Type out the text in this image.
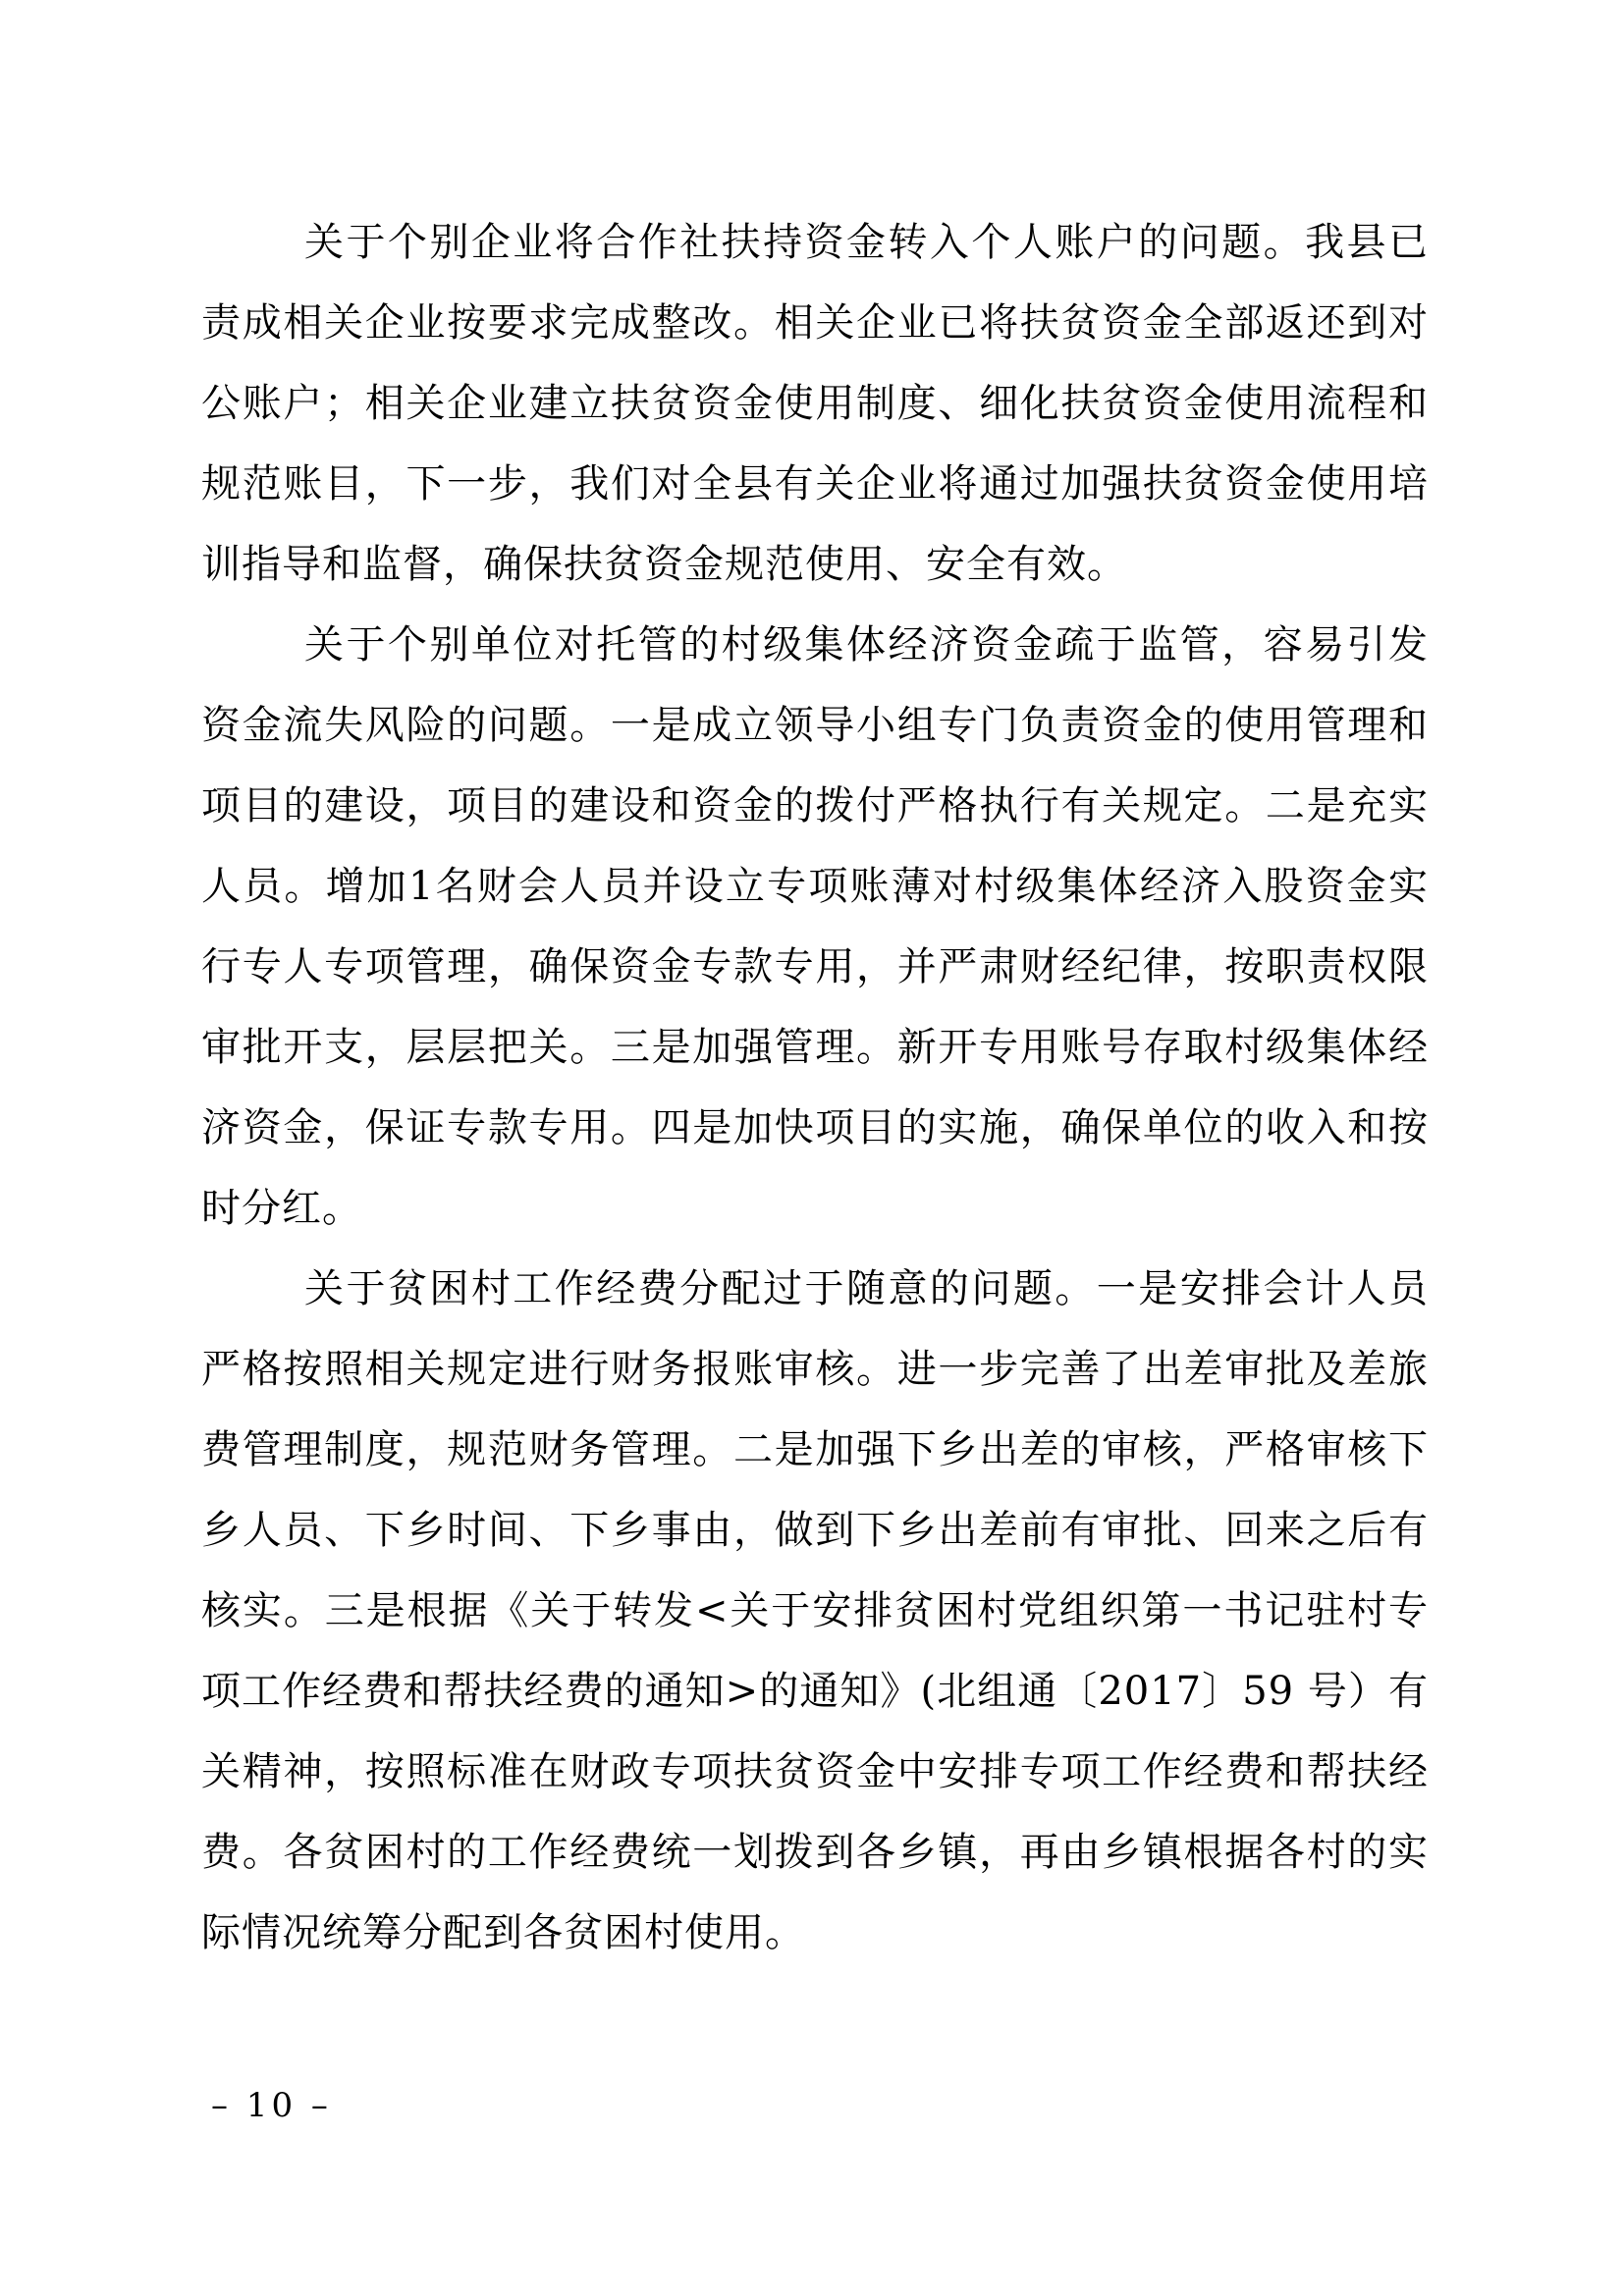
关于个别企业将合作社扶持资金转入个人账户的问题。我县已责成相关企业按要求完成整改。相关企业已将扶贫资金全部返还到对公账户；相关企业建立扶贫资金使用制度、细化扶贫资金使用流程和规范账目，下一步，我们对全县有关企业将通过加强扶贫资金使用培训指导和监督，确保扶贫资金规范使用、安全有效。

关于个别单位对托管的村级集体经济资金疏于监管，容易引发资金流失风险的问题。一是成立领导小组专门负责资金的使用管理和项目的建设，项目的建设和资金的拨付严格执行有关规定。二是充实人员。增加1名财会人员并设立专项账薄对村级集体经济入股资金实行专人专项管理，确保资金专款专用，并严肃财经纪律，按职责权限审批开支，层层把关。三是加强管理。新开专用账号存取村级集体经济资金，保证专款专用。四是加快项目的实施，确保单位的收入和按时分红。

关于贫困村工作经费分配过于随意的问题。一是安排会计人员严格按照相关规定进行财务报账审核。进一步完善了出差审批及差旅费管理制度，规范财务管理。二是加强下乡出差的审核，严格审核下乡人员、下乡时间、下乡事由，做到下乡出差前有审批、回来之后有核实。三是根据《关于转发<关于安排贫困村党组织第一书记驻村专项工作经费和帮扶经费的通知>的通知》(北组通〔2017〕59 号）有关精神，按照标准在财政专项扶贫资金中安排专项工作经费和帮扶经费。各贫困村的工作经费统一划拨到各乡镇，再由乡镇根据各村的实际情况统筹分配到各贫困村使用。

– 10 –
